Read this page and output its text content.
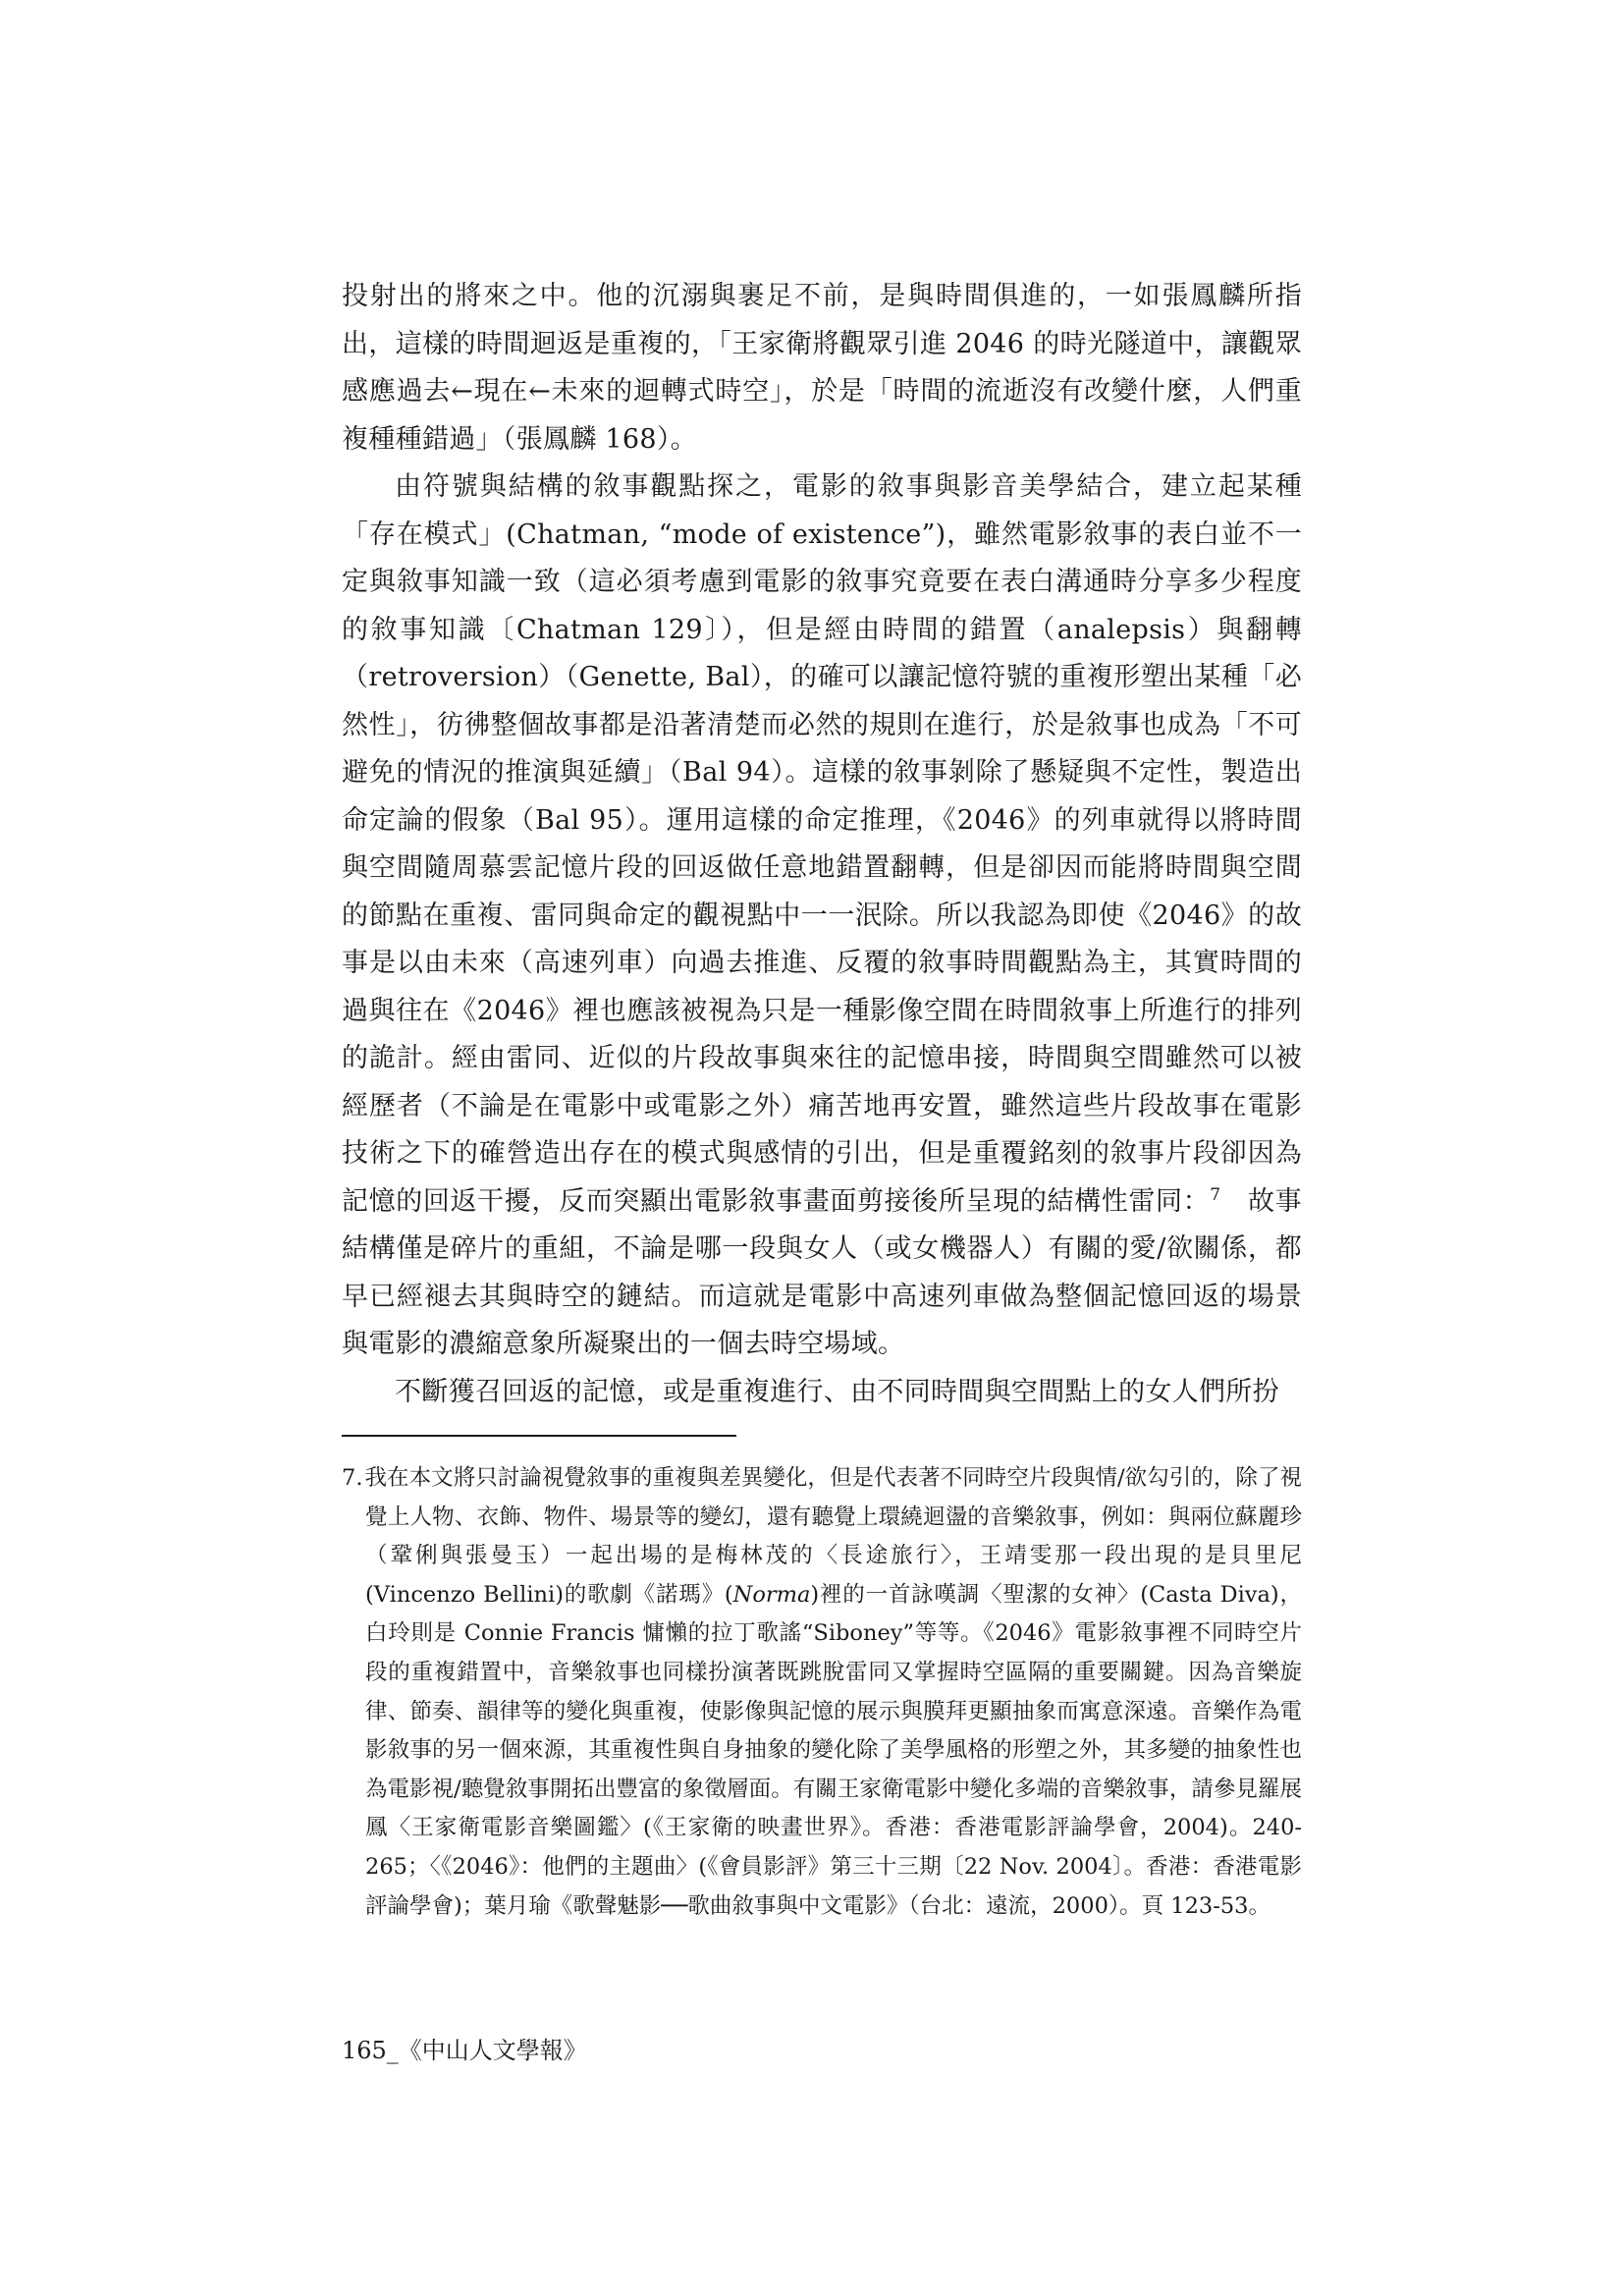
投射出的將來之中。他的沉溺與裹足不前，是與時間俱進的，一如張鳳麟所指出，這樣的時間迴返是重複的，「王家衛將觀眾引進 2046 的時光隧道中，讓觀眾感應過去←現在←未來的迴轉式時空」，於是「時間的流逝沒有改變什麼，人們重複種種錯過」（張鳳麟 168）。

由符號與結構的敘事觀點探之，電影的敘事與影音美學結合，建立起某種「存在模式」(Chatman, “mode of existence”)，雖然電影敘事的表白並不一定與敘事知識一致（這必須考慮到電影的敘事究竟要在表白溝通時分享多少程度的敘事知識〔Chatman 129〕），但是經由時間的錯置（analepsis）與翻轉（retroversion）（Genette, Bal），的確可以讓記憶符號的重複形塑出某種「必然性」，彷彿整個故事都是沿著清楚而必然的規則在進行，於是敘事也成為「不可避免的情況的推演與延續」（Bal 94）。這樣的敘事剝除了懸疑與不定性，製造出命定論的假象（Bal 95）。運用這樣的命定推理，《2046》的列車就得以將時間與空間隨周慕雲記憶片段的回返做任意地錯置翻轉，但是卻因而能將時間與空間的節點在重複、雷同與命定的觀視點中一一泯除。所以我認為即使《2046》的故事是以由未來（高速列車）向過去推進、反覆的敘事時間觀點為主，其實時間的過與往在《2046》裡也應該被視為只是一種影像空間在時間敘事上所進行的排列的詭計。經由雷同、近似的片段故事與來往的記憶串接，時間與空間雖然可以被經歷者（不論是在電影中或電影之外）痛苦地再安置，雖然這些片段故事在電影技術之下的確營造出存在的模式與感情的引出，但是重覆銘刻的敘事片段卻因為記憶的回返干擾，反而突顯出電影敘事畫面剪接後所呈現的結構性雷同：$^7$  故事結構僅是碎片的重組，不論是哪一段與女人（或女機器人）有關的愛/欲關係，都早已經褪去其與時空的鏈結。而這就是電影中高速列車做為整個記憶回返的場景與電影的濃縮意象所凝聚出的一個去時空場域。

不斷獲召回返的記憶，或是重複進行、由不同時間與空間點上的女人們所扮

7.我在本文將只討論視覺敘事的重複與差異變化，但是代表著不同時空片段與情/欲勾引的，除了視覺上人物、衣飾、物件、場景等的變幻，還有聽覺上環繞迴盪的音樂敘事，例如：與兩位蘇麗珍（鞏俐與張曼玉）一起出場的是梅林茂的〈長途旅行〉，王靖雯那一段出現的是貝里尼(Vincenzo Bellini)的歌劇《諾瑪》(Norma)裡的一首詠嘆調〈聖潔的女神〉(Casta Diva)，白玲則是 Connie Francis 慵懶的拉丁歌謠“Siboney”等等。《2046》電影敘事裡不同時空片段的重複錯置中，音樂敘事也同樣扮演著既跳脫雷同又掌握時空區隔的重要關鍵。因為音樂旋律、節奏、韻律等的變化與重複，使影像與記憶的展示與膜拜更顯抽象而寓意深遠。音樂作為電影敘事的另一個來源，其重複性與自身抽象的變化除了美學風格的形塑之外，其多變的抽象性也為電影視/聽覺敘事開拓出豐富的象徵層面。有關王家衛電影中變化多端的音樂敘事，請參見羅展鳳〈王家衛電影音樂圖鑑〉(《王家衛的映畫世界》。香港：香港電影評論學會，2004)。240-265；〈《2046》：他們的主題曲〉(《會員影評》第三十三期〔22 Nov. 2004〕。香港：香港電影評論學會)；葉月瑜《歌聲魅影──歌曲敘事與中文電影》（台北：遠流，2000）。頁 123-53。
165_《中山人文學報》
